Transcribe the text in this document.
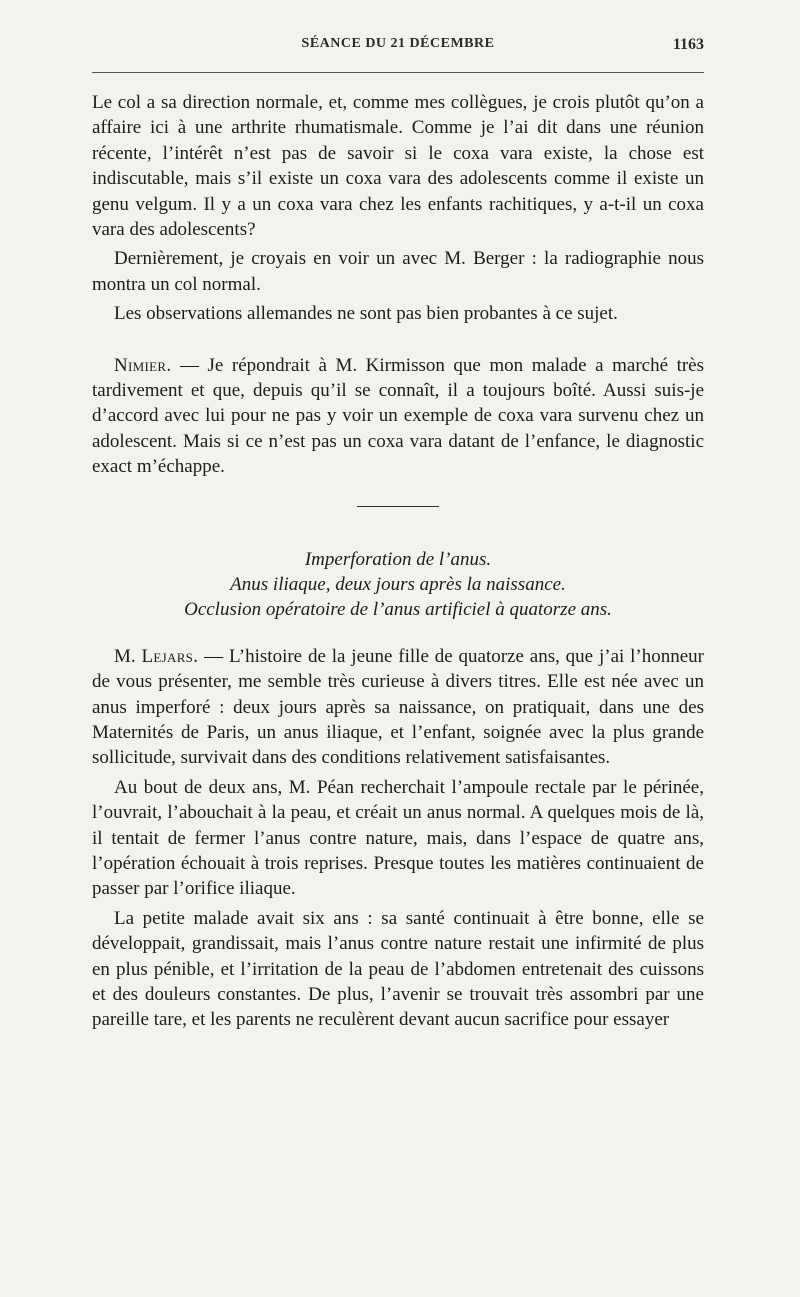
SÉANCE DU 21 DÉCEMBRE	1163

Le col a sa direction normale, et, comme mes collègues, je crois plutôt qu’on a affaire ici à une arthrite rhumatismale. Comme je l’ai dit dans une réunion récente, l’intérêt n’est pas de savoir si le coxa vara existe, la chose est indiscutable, mais s’il existe un coxa vara des adolescents comme il existe un genu velgum. Il y a un coxa vara chez les enfants rachitiques, y a-t-il un coxa vara des adolescents?

Dernièrement, je croyais en voir un avec M. Berger : la radiographie nous montra un col normal.

Les observations allemandes ne sont pas bien probantes à ce sujet.

Nimier. — Je répondrait à M. Kirmisson que mon malade a marché très tardivement et que, depuis qu’il se connaît, il a toujours boîté. Aussi suis-je d’accord avec lui pour ne pas y voir un exemple de coxa vara survenu chez un adolescent. Mais si ce n’est pas un coxa vara datant de l’enfance, le diagnostic exact m’échappe.

Imperforation de l’anus.
Anus iliaque, deux jours après la naissance.
Occlusion opératoire de l’anus artificiel à quatorze ans.

M. Lejars. — L’histoire de la jeune fille de quatorze ans, que j’ai l’honneur de vous présenter, me semble très curieuse à divers titres. Elle est née avec un anus imperforé : deux jours après sa naissance, on pratiquait, dans une des Maternités de Paris, un anus iliaque, et l’enfant, soignée avec la plus grande sollicitude, survivait dans des conditions relativement satisfaisantes.

Au bout de deux ans, M. Péan recherchait l’ampoule rectale par le périnée, l’ouvrait, l’abouchait à la peau, et créait un anus normal. A quelques mois de là, il tentait de fermer l’anus contre nature, mais, dans l’espace de quatre ans, l’opération échouait à trois reprises. Presque toutes les matières continuaient de passer par l’orifice iliaque.

La petite malade avait six ans : sa santé continuait à être bonne, elle se développait, grandissait, mais l’anus contre nature restait une infirmité de plus en plus pénible, et l’irritation de la peau de l’abdomen entretenait des cuissons et des douleurs constantes. De plus, l’avenir se trouvait très assombri par une pareille tare, et les parents ne reculèrent devant aucun sacrifice pour essayer
